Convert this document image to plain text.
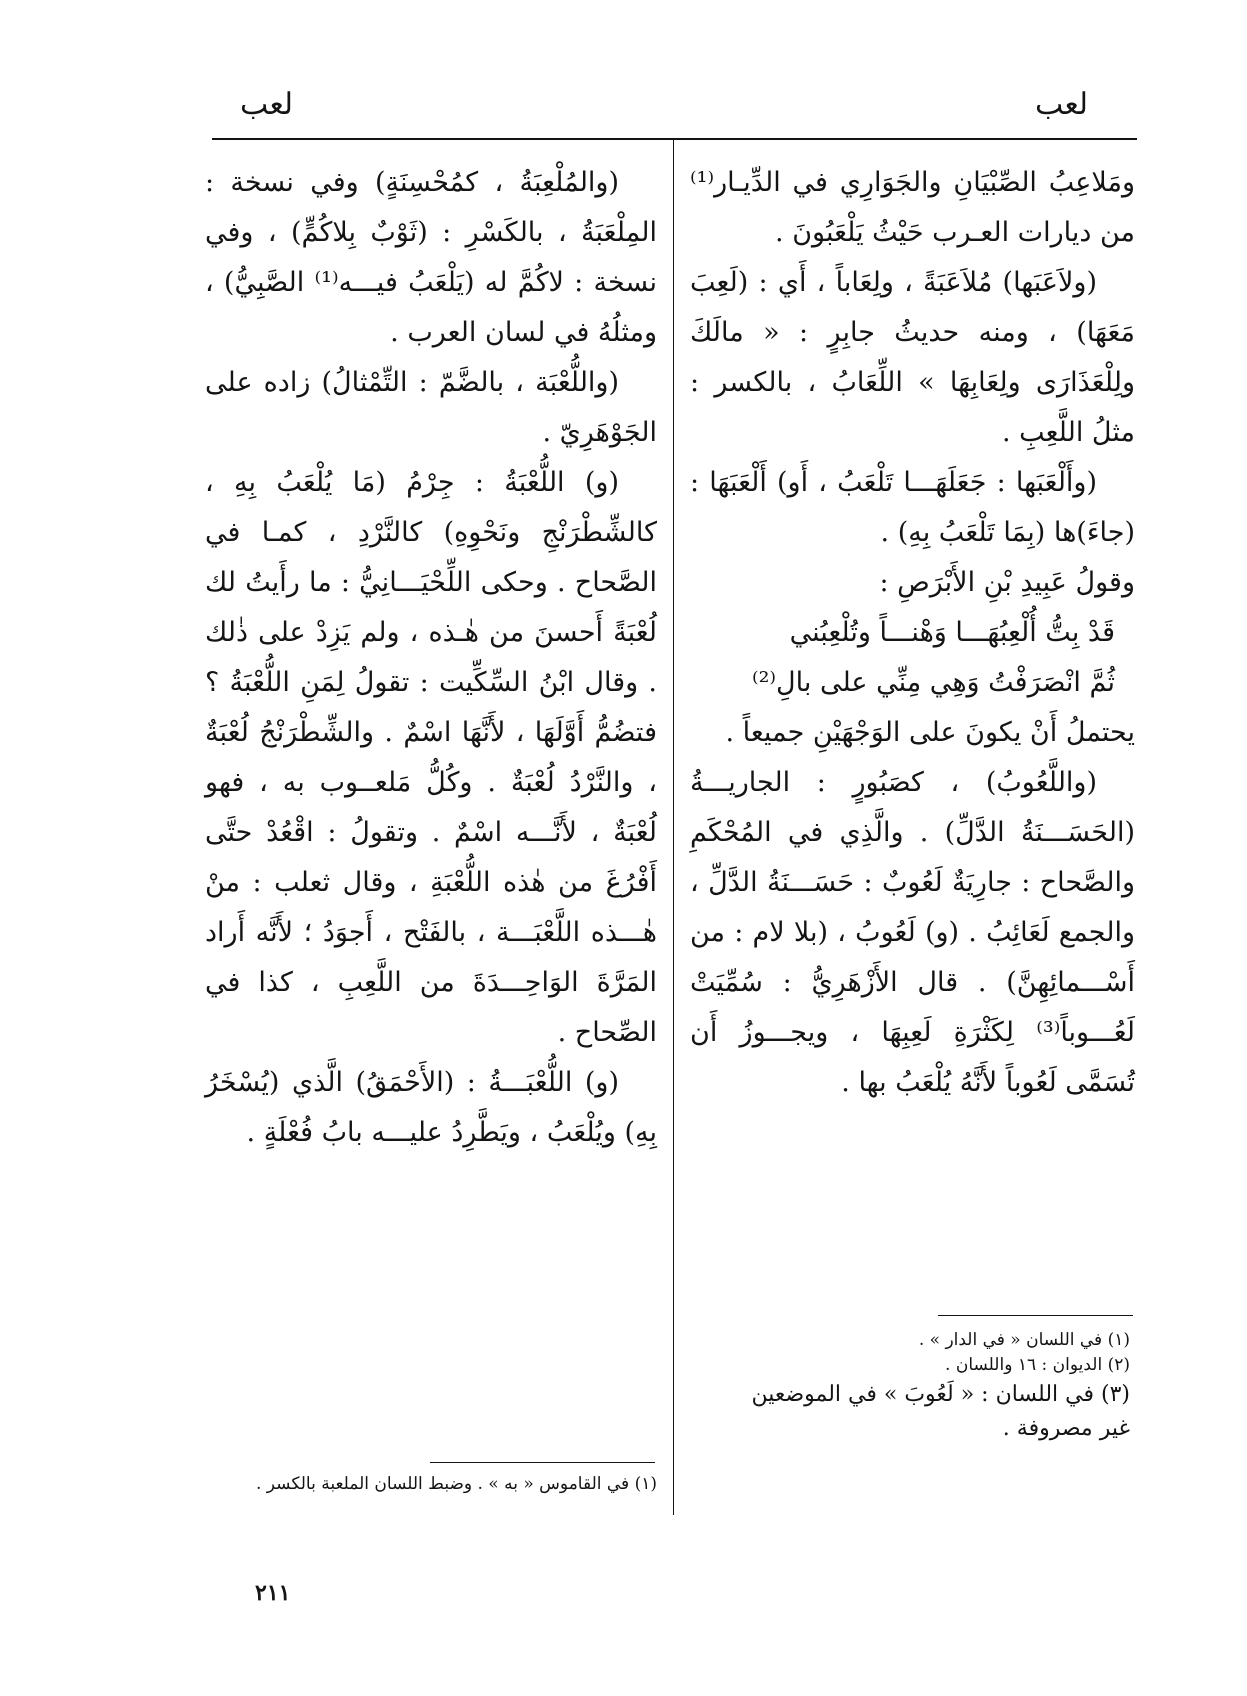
لعب	لعب

ومَلاعِبُ الصِّبْيَانِ والجَوَارِي في الدِّيـار⁽¹⁾ من ديارات العـرب حَيْثُ يَلْعَبُونَ .

(ولاَعَبَها) مُلاَعَبَةً ، ولِعَاباً ، أَي : (لَعِبَ مَعَهَا) ، ومنه حديثُ جابِرٍ : « مالَكَ ولِلْعَذَارَى ولِعَابِهَا » اللِّعَابُ ، بالكسر : مثلُ اللَّعِبِ .

(وأَلْعَبَها : جَعَلَهَـــا تَلْعَبُ ، أَو) أَلْعَبَهَا : (جاءَ)ها (بِمَا تَلْعَبُ بِهِ) .

وقولُ عَبِيدِ بْنِ الأَبْرَصِ :

قَدْ بِتُّ أُلْعِبُهَـــا وَهْنـــاً وتُلْعِبُني

ثُمَّ انْصَرَفْتُ وَهِي مِنِّي على بالِ⁽²⁾

يحتملُ أَنْ يكونَ على الوَجْهَيْنِ جميعاً .

(واللَّعُوبُ) ، كصَبُورٍ : الجاريـــةُ (الحَسَـــنَةُ الدَّلِّ) . والَّذِي في المُحْكَمِ والصَّحاح : جارِيَةٌ لَعُوبٌ : حَسَـــنَةُ الدَّلِّ ، والجمع لَعَائِبُ . (و) لَعُوبُ ، (بلا لام : من أَسْـــمائِهِنَّ) . قال الأَزْهَرِيُّ : سُمِّيَتْ لَعُـــوباً⁽³⁾ لِكَثْرَةِ لَعِبِهَا ، ويجـــوزُ أَن تُسَمَّى لَعُوباً لأَنَّهُ يُلْعَبُ بها .

(والمُلْعِبَةُ ، كمُحْسِنَةٍ) وفي نسخة : المِلْعَبَةُ ، بالكَسْرِ : (ثَوْبٌ بِلاكُمٍّ) ، وفي نسخة : لاكُمَّ له (يَلْعَبُ فيـــه⁽¹⁾ الصَّبِيُّ) ، ومثلُهُ في لسان العرب .

(واللُّعْبَة ، بالضَّمّ : التِّمْثالُ) زاده على الجَوْهَرِيّ .

(و) اللُّعْبَةُ : جِرْمُ (مَا يُلْعَبُ بِهِ ، كالشِّطْرَنْجِ ونَحْوِهِ) كالنَّرْدِ ، كمـا في الصَّحاح . وحكى اللِّحْيَـــانِيُّ : ما رأَيتُ لك لُعْبَةً أَحسنَ من هٰـذه ، ولم يَزِدْ على ذٰلك . وقال ابْنُ السِّكِّيت : تقولُ لِمَنِ اللُّعْبَةُ ؟ فتضُمُّ أَوَّلَهَا ، لأَنَّهَا اسْمٌ . والشِّطْرَنْجُ لُعْبَةٌ ، والنَّرْدُ لُعْبَةٌ . وكُلُّ مَلعــوب به ، فهو لُعْبَةٌ ، لأَنَّـــه اسْمٌ . وتقولُ : اقْعُدْ حتَّى أَفْرُغَ من هٰذه اللُّعْبَةِ ، وقال ثعلب : منْ هٰـــذه اللَّعْبَـــة ، بالفَتْح ، أَجوَدُ ؛ لأَنَّه أَراد المَرَّةَ الوَاحِـــدَةَ من اللَّعِبِ ، كذا في الصِّحاح .

(و) اللُّعْبَـــةُ : (الأَحْمَقُ) الَّذي (يُسْخَرُ بِهِ) ويُلْعَبُ ، ويَطَّرِدُ عليـــه بابُ فُعْلَةٍ .

(١) في اللسان « في الدار » .
(٢) الديوان : ١٦ واللسان .
(٣) في اللسان : « لَعُوبَ » في الموضعين غير مصروفة .
(١) في القاموس « به » . وضبط اللسان الملعبة بالكسر .
٢١١
